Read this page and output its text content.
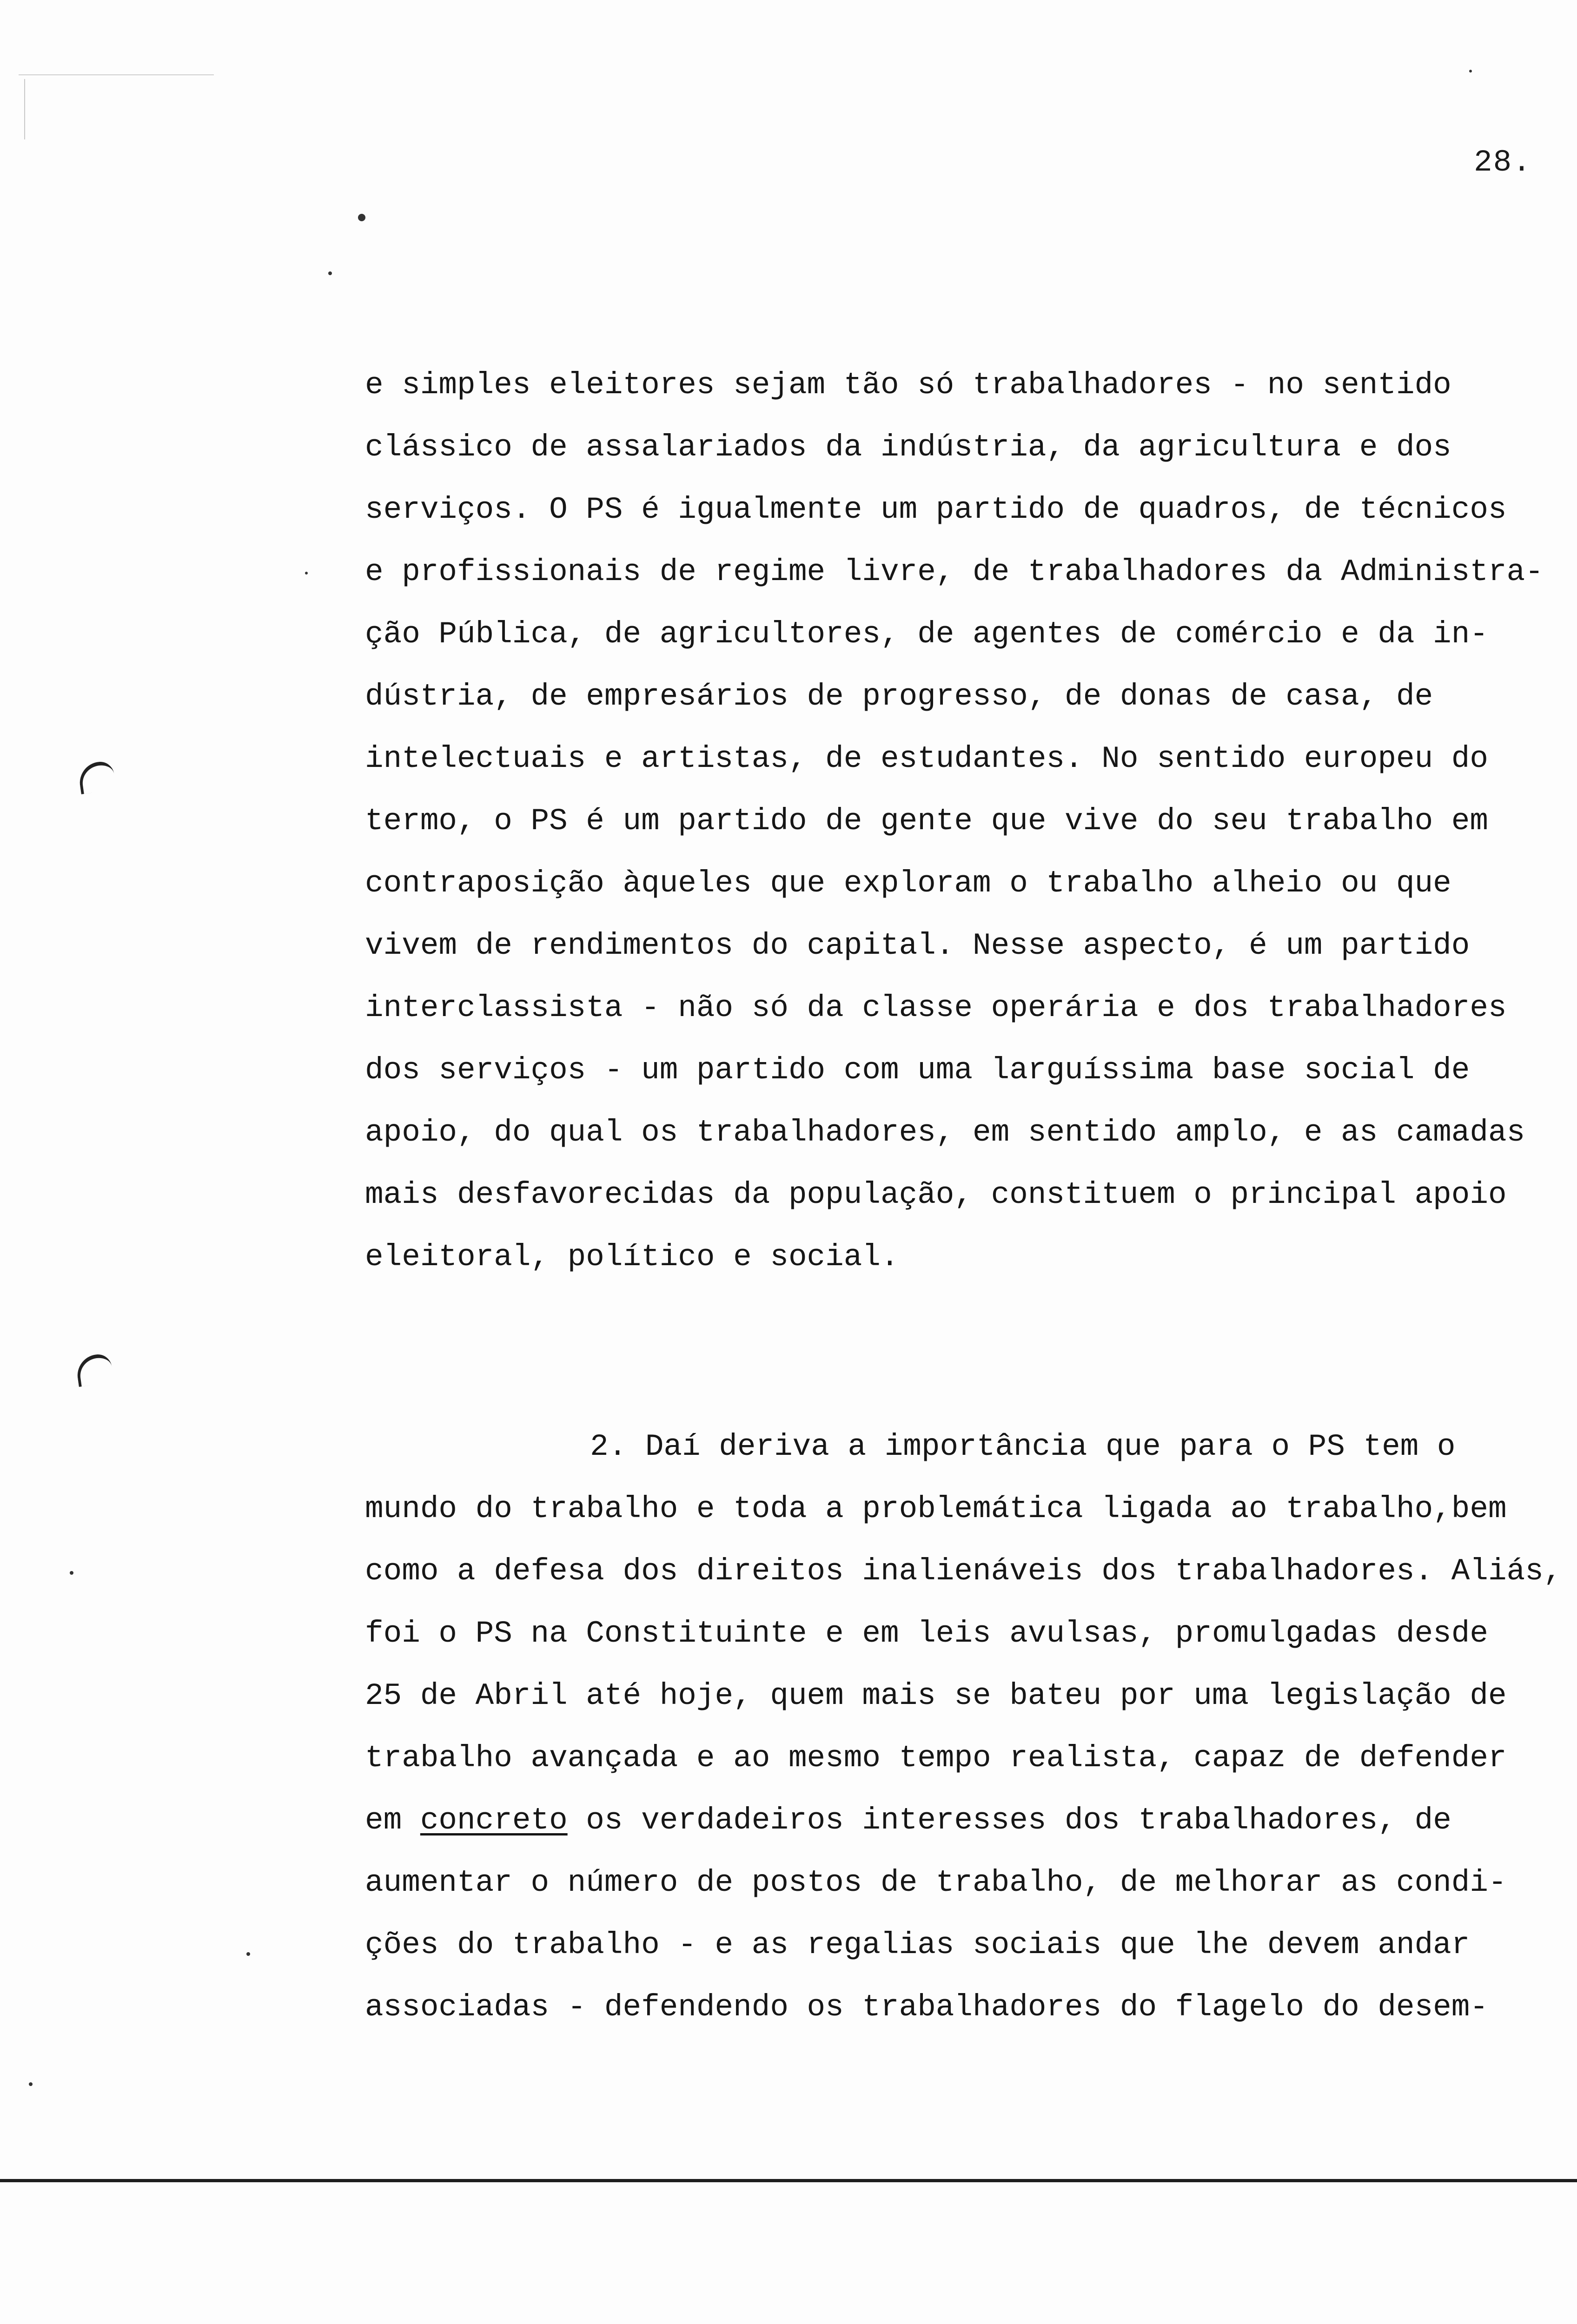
28.
e simples eleitores sejam tão só trabalhadores - no sentido
clássico de assalariados da indústria, da agricultura e dos
serviços. O PS é igualmente um partido de quadros, de técnicos
e profissionais de regime livre, de trabalhadores da Administra-
ção Pública, de agricultores, de agentes de comércio e da in-
dústria, de empresários de progresso, de donas de casa, de
intelectuais e artistas, de estudantes. No sentido europeu do
termo, o PS é um partido de gente que vive do seu trabalho em
contraposição àqueles que exploram o trabalho alheio ou que
vivem de rendimentos do capital. Nesse aspecto, é um partido
interclassista - não só da classe operária e dos trabalhadores
dos serviços - um partido com uma larguíssima base social de
apoio, do qual os trabalhadores, em sentido amplo, e as camadas
mais desfavorecidas da população, constituem o principal apoio
eleitoral, político e social.
2. Daí deriva a importância que para o PS tem o
mundo do trabalho e toda a problemática ligada ao trabalho,bem
como a defesa dos direitos inalienáveis dos trabalhadores. Aliás,
foi o PS na Constituinte e em leis avulsas, promulgadas desde
25 de Abril até hoje, quem mais se bateu por uma legislação de
trabalho avançada e ao mesmo tempo realista, capaz de defender
em concreto os verdadeiros interesses dos trabalhadores, de
aumentar o número de postos de trabalho, de melhorar as condi-
ções do trabalho - e as regalias sociais que lhe devem andar
associadas - defendendo os trabalhadores do flagelo do desem-
